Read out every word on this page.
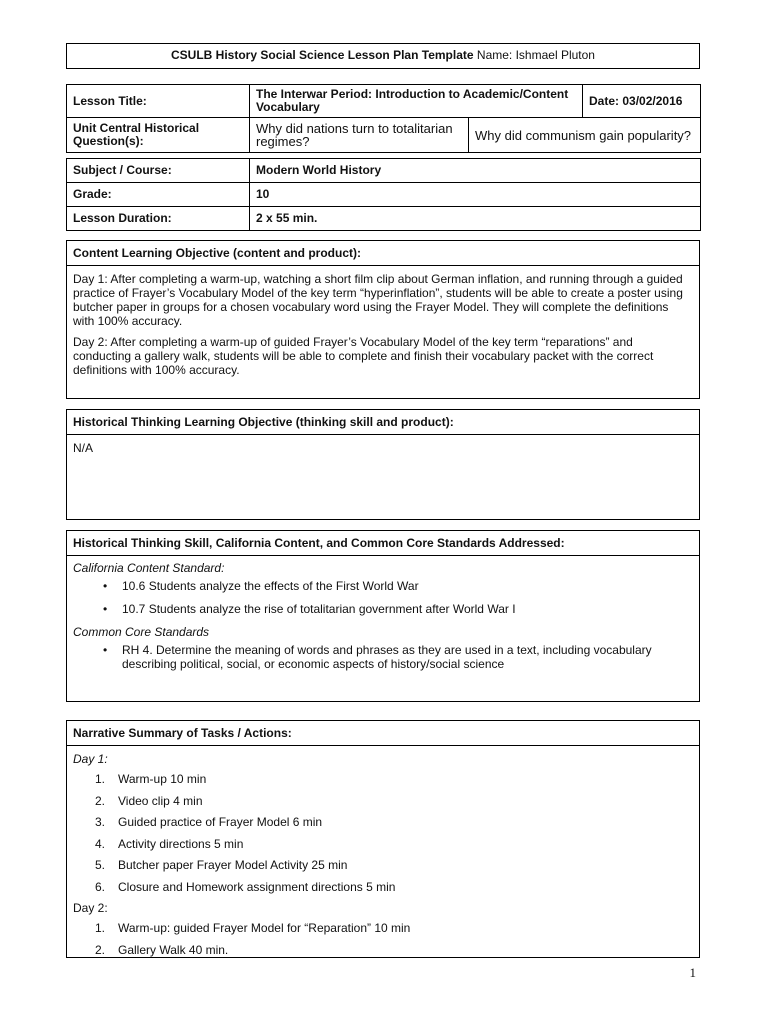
CSULB History Social Science Lesson Plan Template Name: Ishmael Pluton
Lesson Title:	The Interwar Period: Introduction to Academic/Content Vocabulary		Date: 03/02/2016
Unit Central Historical Question(s):	Why did nations turn to totalitarian regimes?	Why did communism gain popularity?	
Subject / Course:	Modern World History
Grade:	10
Lesson Duration:	2 x 55 min.
Content Learning Objective (content and product):

Day 1: After completing a warm-up, watching a short film clip about German inflation, and running through a guided practice of Frayer’s Vocabulary Model of the key term “hyperinflation”, students will be able to create a poster using butcher paper in groups for a chosen vocabulary word using the Frayer Model. They will complete the definitions with 100% accuracy.

Day 2: After completing a warm-up of guided Frayer’s Vocabulary Model of the key term “reparations” and conducting a gallery walk, students will be able to complete and finish their vocabulary packet with the correct definitions with 100% accuracy.

Historical Thinking Learning Objective (thinking skill and product):

N/A

Historical Thinking Skill, California Content, and Common Core Standards Addressed:

California Content Standard:

• 10.6 Students analyze the effects of the First World War
• 10.7 Students analyze the rise of totalitarian government after World War I

Common Core Standards

• RH 4. Determine the meaning of words and phrases as they are used in a text, including vocabulary describing political, social, or economic aspects of history/social science
Narrative Summary of Tasks / Actions:

Day 1:

1. Warm-up 10 min
2. Video clip 4 min
3. Guided practice of Frayer Model 6 min
4. Activity directions 5 min
5. Butcher paper Frayer Model Activity 25 min
6. Closure and Homework assignment directions 5 min

Day 2:

1. Warm-up: guided Frayer Model for “Reparation” 10 min
2. Gallery Walk 40 min.
1
